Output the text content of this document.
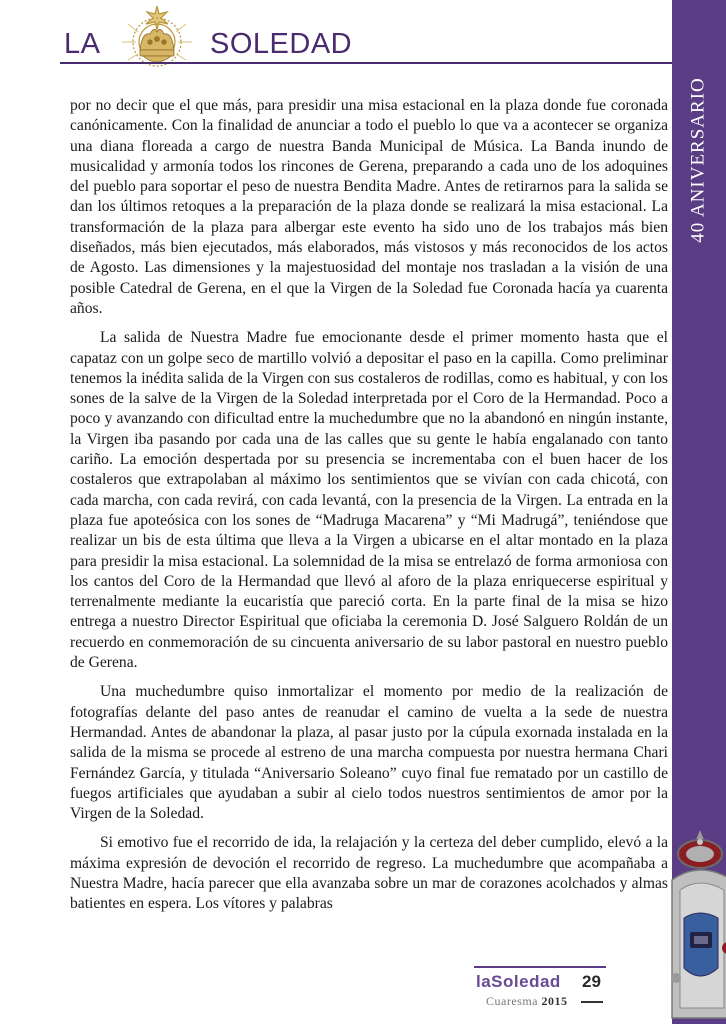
LA	SOLEDAD
40 ANIVERSARIO

por no decir que el que más, para presidir una misa estacional en la plaza donde fue coronada canónicamente. Con la finalidad de anunciar a todo el pueblo lo que va a acontecer se organiza una diana floreada a cargo de nuestra Banda Municipal de Música. La Banda inundo de musicalidad y armonía todos los rincones de Gerena, preparando a cada uno de los adoquines del pueblo para soportar el peso de nuestra Bendita Madre. Antes de retirarnos para la salida se dan los últimos retoques a la preparación de la plaza donde se realizará la misa estacional. La transformación de la plaza para albergar este evento ha sido uno de los trabajos más bien diseñados, más bien ejecutados, más elaborados, más vistosos y más reconocidos de los actos de Agosto. Las dimensiones y la majestuosidad del montaje nos trasladan a la visión de una posible Catedral de Gerena, en el que la Virgen de la Soledad fue Coronada hacía ya cuarenta años.

La salida de Nuestra Madre fue emocionante desde el primer momento hasta que el capataz con un golpe seco de martillo volvió a depositar el paso en la capilla. Como preliminar tenemos la inédita salida de la Virgen con sus costaleros de rodillas, como es habitual, y con los sones de la salve de la Virgen de la Soledad interpretada por el Coro de la Hermandad. Poco a poco y avanzando con dificultad entre la muchedumbre que no la abandonó en ningún instante, la Virgen iba pasando por cada una de las calles que su gente le había engalanado con tanto cariño. La emoción despertada por su presencia se incrementaba con el buen hacer de los costaleros que extrapolaban al máximo los sentimientos que se vivían con cada chicotá, con cada marcha, con cada revirá, con cada levantá, con la presencia de la Virgen. La entrada en la plaza fue apoteósica con los sones de “Madruga Macarena” y “Mi Madrugá”, teniéndose que realizar un bis de esta última que lleva a la Virgen a ubicarse en el altar montado en la plaza para presidir la misa estacional. La solemnidad de la misa se entrelazó de forma armoniosa con los cantos del Coro de la Hermandad que llevó al aforo de la plaza enriquecerse espiritual y terrenalmente mediante la eucaristía que pareció corta. En la parte final de la misa se hizo entrega a nuestro Director Espiritual que oficiaba la ceremonia D. José Salguero Roldán de un recuerdo en conmemoración de su cincuenta aniversario de su labor pastoral en nuestro pueblo de Gerena.

Una muchedumbre quiso inmortalizar el momento por medio de la realización de fotografías delante del paso antes de reanudar el camino de vuelta a la sede de nuestra Hermandad. Antes de abandonar la plaza, al pasar justo por la cúpula exornada instalada en la salida de la misma se procede al estreno de una marcha compuesta por nuestra hermana Chari Fernández García, y titulada “Aniversario Soleano” cuyo final fue rematado por un castillo de fuegos artificiales que ayudaban a subir al cielo todos nuestros sentimientos de amor por la Virgen de la Soledad.

Si emotivo fue el recorrido de ida, la relajación y la certeza del deber cumplido, elevó a la máxima expresión de devoción el recorrido de regreso. La muchedumbre que acompañaba a Nuestra Madre, hacía parecer que ella avanzaba sobre un mar de corazones acolchados y almas batientes en espera. Los vítores y palabras

laSoledad 29
Cuaresma 2015
